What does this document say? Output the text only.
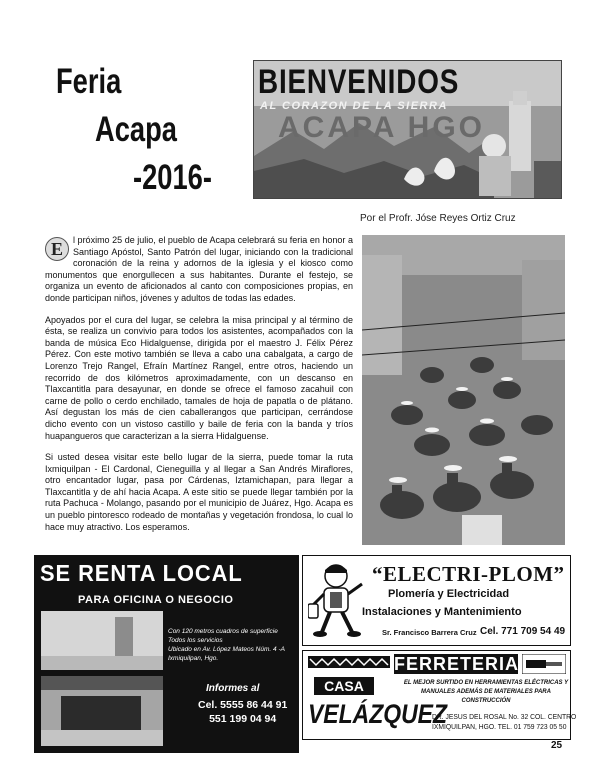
Feria
Acapa
-2016-
BIENVENIDOS
AL CORAZON DE LA SIERRA
ACAPA HGO
Por el Profr. Jóse Reyes Ortiz Cruz

E	l próximo 25 de julio, el pueblo de Acapa celebrará su feria en honor a Santiago Apóstol, Santo Patrón del lugar, iniciando con la tradicional coronación de la reina y adornos de la iglesia y el kiosco como monumentos que enorgullecen a sus habitantes. Durante el festejo, se organiza un evento de aficionados al canto con composiciones propias, en donde participan niños, jóvenes y adultos de todas las edades.

Apoyados por el cura del lugar, se celebra la misa principal y al término de ésta, se realiza un convivio para todos los asistentes, acompañados con la banda de música Eco Hidalguense, dirigida por el maestro J. Félix Pérez Pérez. Con este motivo también se lleva a cabo una cabalgata, a cargo de Lorenzo Trejo Rangel, Efraín Martínez Rangel, entre otros, haciendo un recorrido de dos kilómetros aproximadamente, con un descanso en Tlaxcantitla para desayunar, en donde se ofrece el famoso zacahuil con carne de pollo o cerdo enchilado, tamales de hoja de papatla o de plátano. Así degustan los más de cien caballerangos que participan, cerrándose dicho evento con un vistoso castillo y baile de feria con la banda y tríos huapangueros que caracterizan a la sierra Hidalguense.

Si usted desea visitar este bello lugar de la sierra, puede tomar la ruta Ixmiquilpan - El Cardonal, Cieneguilla y al llegar a San Andrés Miraflores, otro encantador lugar, pasa por Cárdenas, Iztamichapan, para llegar a Tlaxcantitla y de ahí hacia Acapa. A este sitio se puede llegar también por la ruta Pachuca - Molango, pasando por el municipio de Juárez, Hgo. Acapa es un pueblo pintoresco rodeado de montañas y vegetación frondosa, lo cual lo hace muy atractivo. Los esperamos.

SE RENTA LOCAL
PARA OFICINA O NEGOCIO
Con 120 metros cuadros de superficie
Todos los servicios
Ubicado en Av. López Mateos Núm. 4 -A
Ixmiquilpan, Hgo.
Informes al
Cel. 5555 86 44 91
551 199 04 94
“ELECTRI-PLOM”
Plomería y Electricidad
Instalaciones y Mantenimiento
Sr. Francisco Barrera Cruz Cel. 771 709 54 49
FERRETERIA
CASA
VELÁZQUEZ
EL MEJOR SURTIDO EN HERRAMIENTAS ELÉCTRICAS Y
MANUALES ADEMÁS DE MATERIALES PARA CONSTRUCCIÓN
DR. JESUS DEL ROSAL No. 32 COL. CENTRO
IXMIQUILPAN, HGO. TEL. 01 759 723 05 50
25
